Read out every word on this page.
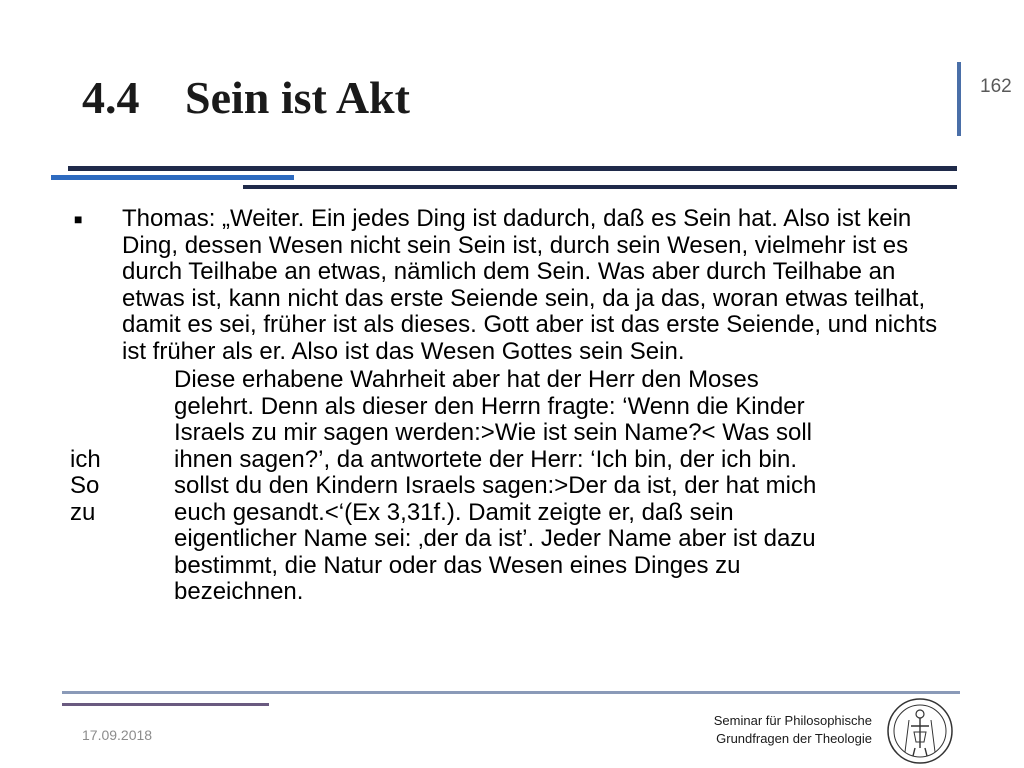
4.4 Sein ist Akt	162
■	Thomas: „Weiter. Ein jedes Ding ist dadurch, daß es Sein hat. Also ist kein Ding, dessen Wesen nicht sein Sein ist, durch sein Wesen, vielmehr ist es durch Teilhabe an etwas, nämlich dem Sein. Was aber durch Teilhabe an etwas ist, kann nicht das erste Seiende sein, da ja das, woran etwas teilhat, damit es sei, früher ist als dieses. Gott aber ist das erste Seiende, und nichts ist früher als er. Also ist das Wesen Gottes sein Sein.
Diese erhabene Wahrheit aber hat der Herr den Moses
gelehrt. Denn als dieser den Herrn fragte: ‘Wenn die Kinder
Israels zu mir sagen werden:>Wie ist sein Name?< Was soll
ich	ihnen sagen?’, da antwortete der Herr: ‘Ich bin, der ich bin.
So	sollst du den Kindern Israels sagen:>Der da ist, der hat mich
zu	euch gesandt.<‘(Ex 3,31f.). Damit zeigte er, daß sein
eigentlicher Name sei: ‚der da ist’. Jeder Name aber ist dazu
bestimmt, die Natur oder das Wesen eines Dinges zu
bezeichnen.
17.09.2018
Seminar für Philosophische
Grundfragen der Theologie
